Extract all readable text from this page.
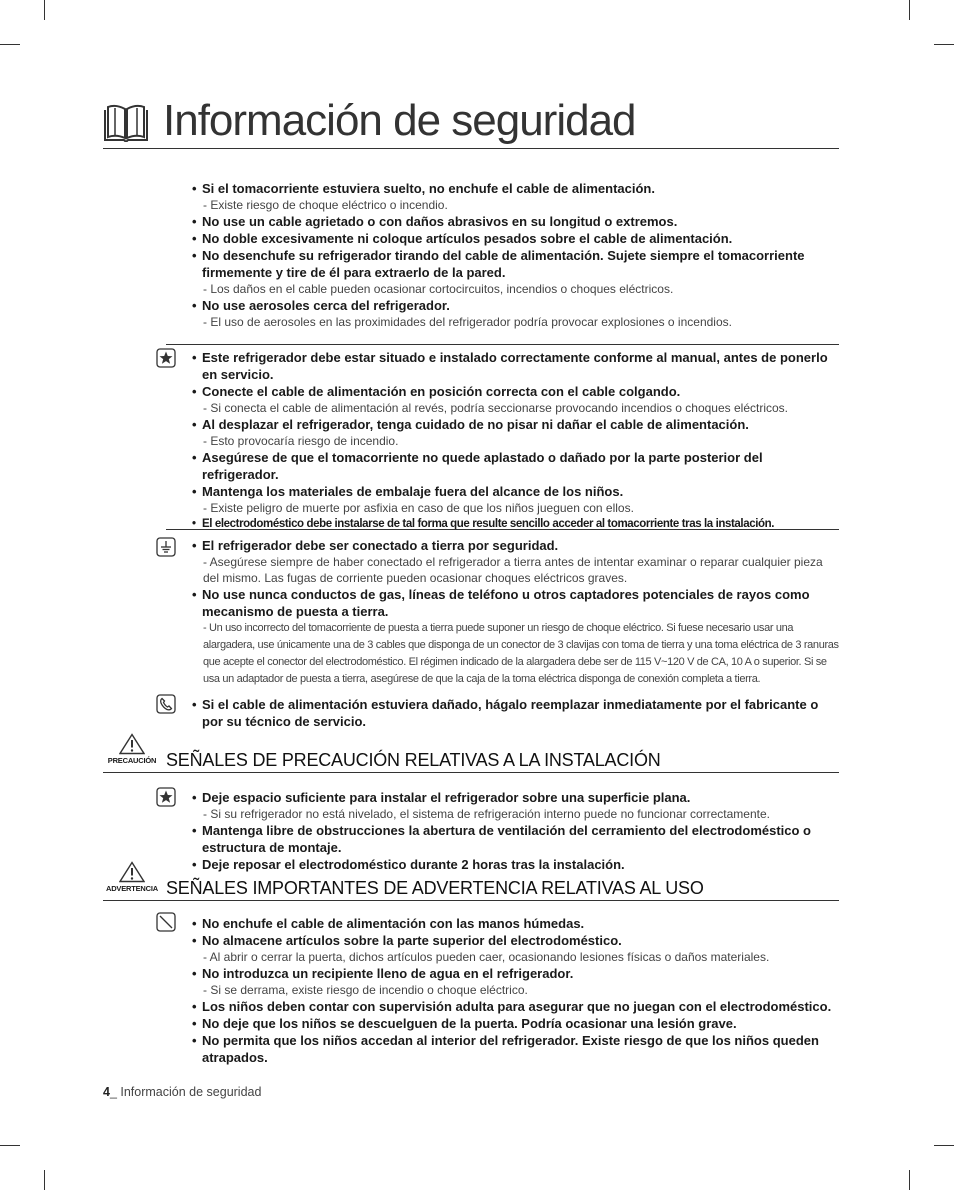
Información de seguridad
• Si el tomacorriente estuviera suelto, no enchufe el cable de alimentación.
- Existe riesgo de choque eléctrico o incendio.
• No use un cable agrietado o con daños abrasivos en su longitud o extremos.
• No doble excesivamente ni coloque artículos pesados sobre el cable de alimentación.
• No desenchufe su refrigerador tirando del cable de alimentación. Sujete siempre el tomacorriente firmemente y tire de él para extraerlo de la pared.
- Los daños en el cable pueden ocasionar cortocircuitos, incendios o choques eléctricos.
• No use aerosoles cerca del refrigerador.
- El uso de aerosoles en las proximidades del refrigerador podría provocar explosiones o incendios.
• Este refrigerador debe estar situado e instalado correctamente conforme al manual, antes de ponerlo en servicio.
• Conecte el cable de alimentación en posición correcta con el cable colgando.
- Si conecta el cable de alimentación al revés, podría seccionarse provocando incendios o choques eléctricos.
• Al desplazar el refrigerador, tenga cuidado de no pisar ni dañar el cable de alimentación.
- Esto provocaría riesgo de incendio.
• Asegúrese de que el tomacorriente no quede aplastado o dañado por la parte posterior del refrigerador.
• Mantenga los materiales de embalaje fuera del alcance de los niños.
- Existe peligro de muerte por asfixia en caso de que los niños jueguen con ellos.
• El electrodoméstico debe instalarse de tal forma que resulte sencillo acceder al tomacorriente tras la instalación.
• El refrigerador debe ser conectado a tierra por seguridad.
- Asegúrese siempre de haber conectado el refrigerador a tierra antes de intentar examinar o reparar cualquier pieza del mismo. Las fugas de corriente pueden ocasionar choques eléctricos graves.
• No use nunca conductos de gas, líneas de teléfono u otros captadores potenciales de rayos como mecanismo de puesta a tierra.
- Un uso incorrecto del tomacorriente de puesta a tierra puede suponer un riesgo de choque eléctrico. Si fuese necesario usar una alargadera, use únicamente una de 3 cables que disponga de un conector de 3 clavijas con toma de tierra y una toma eléctrica de 3 ranuras que acepte el conector del electrodoméstico. El régimen indicado de la alargadera debe ser de 115 V~120 V de CA, 10 A o superior. Si se usa un adaptador de puesta a tierra, asegúrese de que la caja de la toma eléctrica disponga de conexión completa a tierra.
• Si el cable de alimentación estuviera dañado, hágalo reemplazar inmediatamente por el fabricante o por su técnico de servicio.
PRECAUCIÓN SEÑALES DE PRECAUCIÓN RELATIVAS A LA INSTALACIÓN
• Deje espacio suficiente para instalar el refrigerador sobre una superficie plana.
- Si su refrigerador no está nivelado, el sistema de refrigeración interno puede no funcionar correctamente.
• Mantenga libre de obstrucciones la abertura de ventilación del cerramiento del electrodoméstico o estructura de montaje.
• Deje reposar el electrodoméstico durante 2 horas tras la instalación.
ADVERTENCIA SEÑALES IMPORTANTES DE ADVERTENCIA RELATIVAS AL USO
• No enchufe el cable de alimentación con las manos húmedas.
• No almacene artículos sobre la parte superior del electrodoméstico.
- Al abrir o cerrar la puerta, dichos artículos pueden caer, ocasionando lesiones físicas o daños materiales.
• No introduzca un recipiente lleno de agua en el refrigerador.
- Si se derrama, existe riesgo de incendio o choque eléctrico.
• Los niños deben contar con supervisión adulta para asegurar que no juegan con el electrodoméstico.
• No deje que los niños se descuelguen de la puerta. Podría ocasionar una lesión grave.
• No permita que los niños accedan al interior del refrigerador. Existe riesgo de que los niños queden atrapados.
4_ Información de seguridad
